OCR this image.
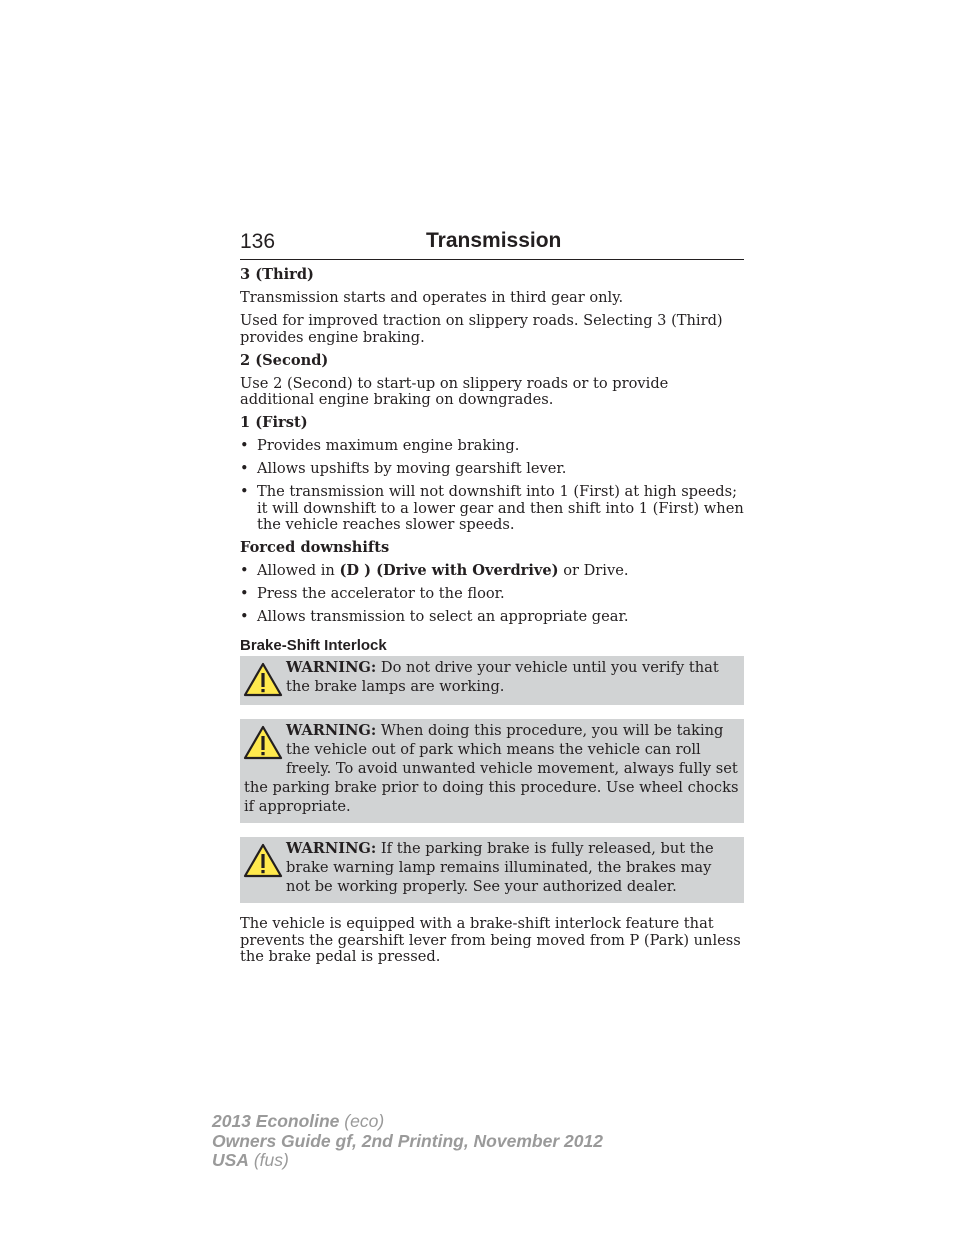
136	Transmission
3 (Third)
Transmission starts and operates in third gear only.
Used for improved traction on slippery roads. Selecting 3 (Third) provides engine braking.
2 (Second)
Use 2 (Second) to start-up on slippery roads or to provide additional engine braking on downgrades.
1 (First)
• Provides maximum engine braking.
• Allows upshifts by moving gearshift lever.
• The transmission will not downshift into 1 (First) at high speeds; it will downshift to a lower gear and then shift into 1 (First) when the vehicle reaches slower speeds.
Forced downshifts
• Allowed in (D ) (Drive with Overdrive) or Drive.
• Press the accelerator to the floor.
• Allows transmission to select an appropriate gear.
Brake-Shift Interlock
WARNING: Do not drive your vehicle until you verify that the brake lamps are working.
WARNING: When doing this procedure, you will be taking the vehicle out of park which means the vehicle can roll freely. To avoid unwanted vehicle movement, always fully set the parking brake prior to doing this procedure. Use wheel chocks if appropriate.
WARNING: If the parking brake is fully released, but the brake warning lamp remains illuminated, the brakes may not be working properly. See your authorized dealer.
The vehicle is equipped with a brake-shift interlock feature that prevents the gearshift lever from being moved from P (Park) unless the brake pedal is pressed.
2013 Econoline (eco)
Owners Guide gf, 2nd Printing, November 2012
USA (fus)
